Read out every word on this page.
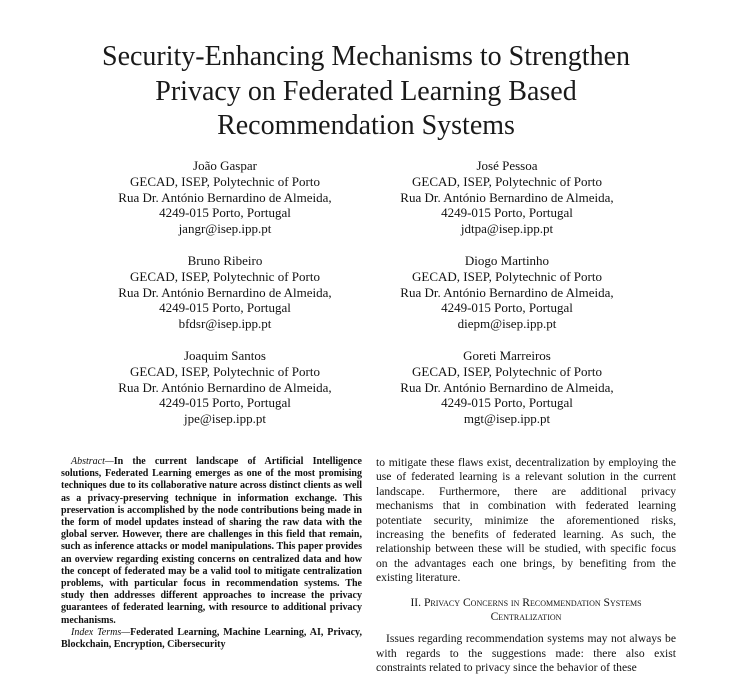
Security-Enhancing Mechanisms to Strengthen
Privacy on Federated Learning Based
Recommendation Systems
João Gaspar
GECAD, ISEP, Polytechnic of Porto
Rua Dr. António Bernardino de Almeida,
4249-015 Porto, Portugal
jangr@isep.ipp.pt
José Pessoa
GECAD, ISEP, Polytechnic of Porto
Rua Dr. António Bernardino de Almeida,
4249-015 Porto, Portugal
jdtpa@isep.ipp.pt
Bruno Ribeiro
GECAD, ISEP, Polytechnic of Porto
Rua Dr. António Bernardino de Almeida,
4249-015 Porto, Portugal
bfdsr@isep.ipp.pt
Diogo Martinho
GECAD, ISEP, Polytechnic of Porto
Rua Dr. António Bernardino de Almeida,
4249-015 Porto, Portugal
diepm@isep.ipp.pt
Joaquim Santos
GECAD, ISEP, Polytechnic of Porto
Rua Dr. António Bernardino de Almeida,
4249-015 Porto, Portugal
jpe@isep.ipp.pt
Goreti Marreiros
GECAD, ISEP, Polytechnic of Porto
Rua Dr. António Bernardino de Almeida,
4249-015 Porto, Portugal
mgt@isep.ipp.pt

Abstract—In the current landscape of Artificial Intelligence solutions, Federated Learning emerges as one of the most promising techniques due to its collaborative nature across distinct clients as well as a privacy-preserving technique in information exchange. This preservation is accomplished by the node contributions being made in the form of model updates instead of sharing the raw data with the global server. However, there are challenges in this field that remain, such as inference attacks or model manipulations. This paper provides an overview regarding existing concerns on centralized data and how the concept of federated may be a valid tool to mitigate centralization problems, with particular focus in recommendation systems. The study then addresses different approaches to increase the privacy guarantees of federated learning, with resource to additional privacy mechanisms.

Index Terms—Federated Learning, Machine Learning, AI, Privacy, Blockchain, Encryption, Cibersecurity

to mitigate these flaws exist, decentralization by employing the use of federated learning is a relevant solution in the current landscape. Furthermore, there are additional privacy mechanisms that in combination with federated learning potentiate security, minimize the aforementioned risks, increasing the benefits of federated learning. As such, the relationship between these will be studied, with specific focus on the advantages each one brings, by benefiting from the existing literature.

II. Privacy Concerns in Recommendation Systems Centralization

Issues regarding recommendation systems may not always be with regards to the suggestions made: there also exist constraints related to privacy since the behavior of these
